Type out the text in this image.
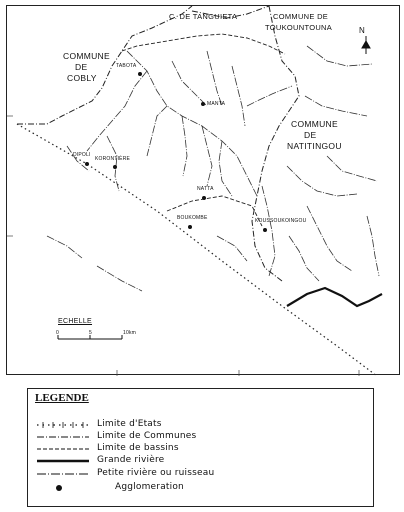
C. DE TANGUIETA	COMMUNE DE
TOUKOUNTOUNA
COMMUNE
DE
COBLY
COMMUNE
DE
NATITINGOU
N
TABOTA
MANTA
DIPOLI
KORONTIÈRE
NATTA
BOUKOMBE	KOUSSOUKOINGOU
ECHELLE
0	5	10km
LEGENDE
Limite d'Etats
Limite de Communes
Limite de bassins
Grande rivière
Petite rivière ou ruisseau
Agglomeration
